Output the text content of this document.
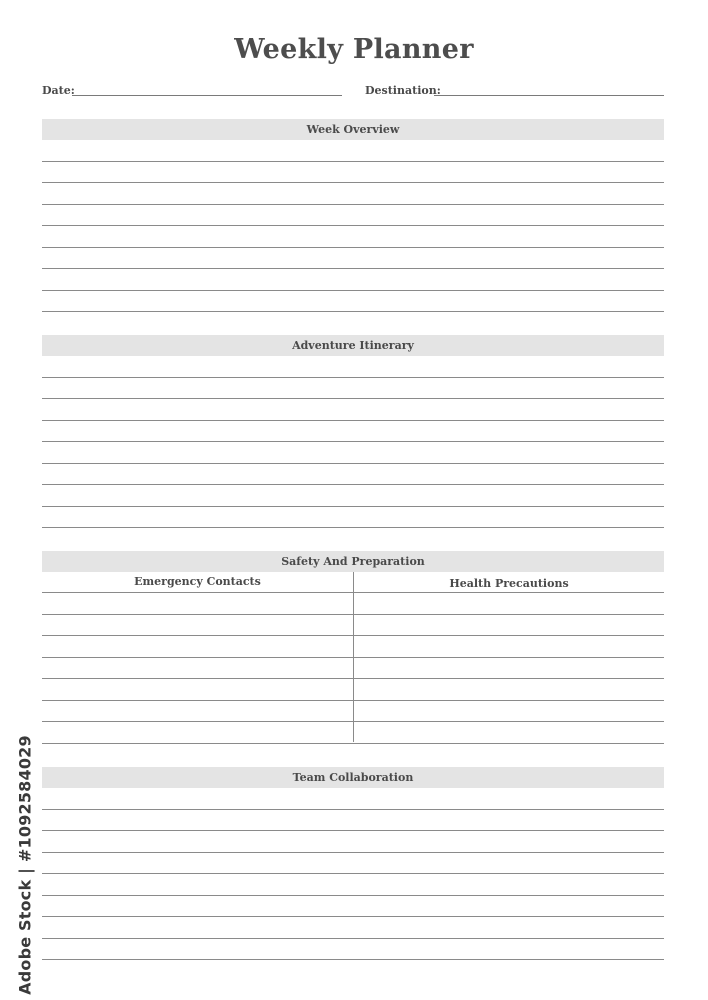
Weekly Planner
Date:	Destination:
Week Overview
Adventure Itinerary
Safety And Preparation
Emergency Contacts	Health Precautions
Team Collaboration
Adobe Stock | #1092584029
